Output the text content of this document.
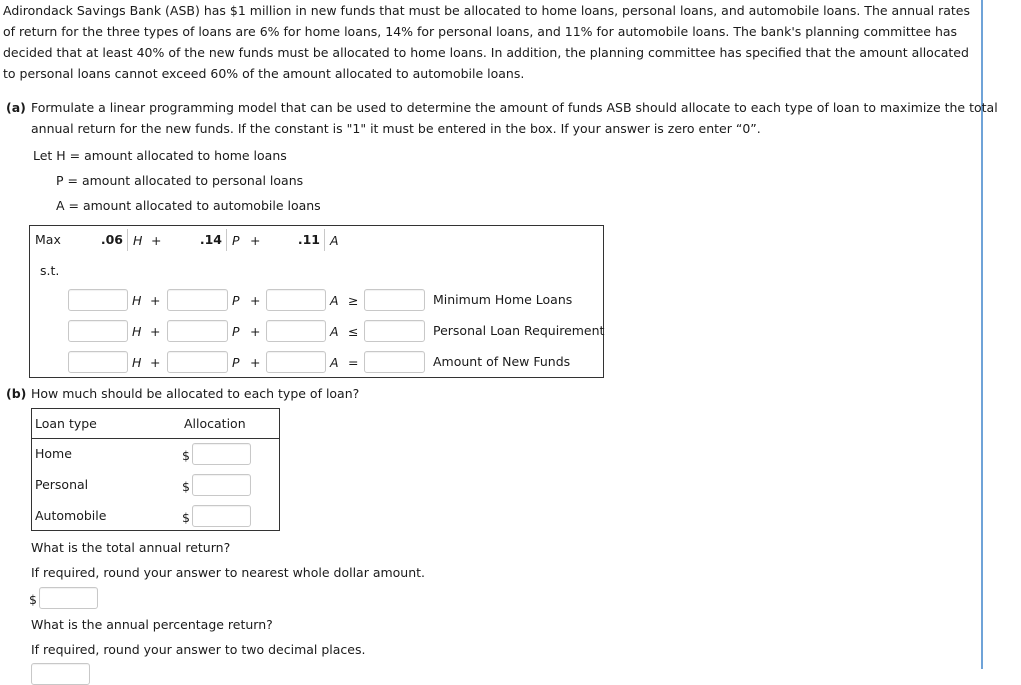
Adirondack Savings Bank (ASB) has $1 million in new funds that must be allocated to home loans, personal loans, and automobile loans. The annual rates of return for the three types of loans are 6% for home loans, 14% for personal loans, and 11% for automobile loans. The bank's planning committee has decided that at least 40% of the new funds must be allocated to home loans. In addition, the planning committee has specified that the amount allocated to personal loans cannot exceed 60% of the amount allocated to automobile loans.
(a) Formulate a linear programming model that can be used to determine the amount of funds ASB should allocate to each type of loan to maximize the total
annual return for the new funds. If the constant is "1" it must be entered in the box. If your answer is zero enter “0”.
Let H = amount allocated to home loans
P = amount allocated to personal loans
A = amount allocated to automobile loans
Max	.06 H +	.14 P +	.11 A
s.t.
H +	P +	A ≥	Minimum Home Loans
H +	P +	A ≤	Personal Loan Requirement
H +	P +	A =	Amount of New Funds
(b) How much should be allocated to each type of loan?
Loan type	Allocation
Home	$
Personal	$
Automobile	$
What is the total annual return?
If required, round your answer to nearest whole dollar amount.
$
What is the annual percentage return?
If required, round your answer to two decimal places.
